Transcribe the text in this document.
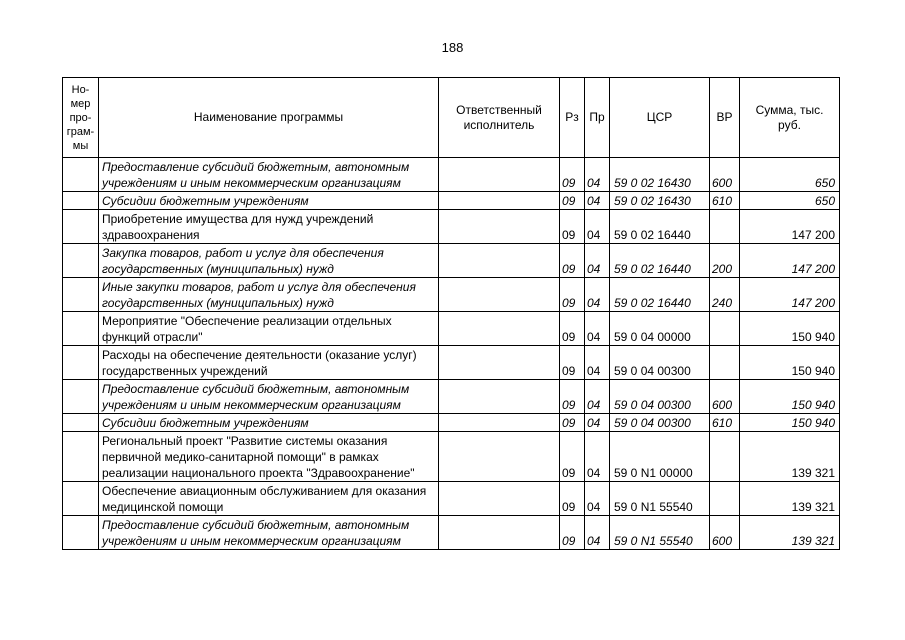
188
Но-
мер
про-
грам-
мы	Наименование программы	Ответственный исполнитель	Рз	Пр	ЦСР	ВР	Сумма, тыс. руб.
	Предоставление субсидий бюджетным, автономным учреждениям и иным некоммерческим организациям		09	04	59 0 02 16430	600	650
	Субсидии бюджетным учреждениям		09	04	59 0 02 16430	610	650
	Приобретение имущества для нужд учреждений здравоохранения		09	04	59 0 02 16440		147 200
	Закупка товаров, работ и услуг для обеспечения государственных (муниципальных) нужд		09	04	59 0 02 16440	200	147 200
	Иные закупки товаров, работ и услуг для обеспечения государственных (муниципальных) нужд		09	04	59 0 02 16440	240	147 200
	Мероприятие "Обеспечение реализации отдельных функций отрасли"		09	04	59 0 04 00000		150 940
	Расходы на обеспечение деятельности (оказание услуг) государственных учреждений		09	04	59 0 04 00300		150 940
	Предоставление субсидий бюджетным, автономным учреждениям и иным некоммерческим организациям		09	04	59 0 04 00300	600	150 940
	Субсидии бюджетным учреждениям		09	04	59 0 04 00300	610	150 940
	Региональный проект "Развитие системы оказания первичной медико-санитарной помощи" в рамках реализации национального проекта "Здравоохранение"		09	04	59 0 N1 00000		139 321
	Обеспечение авиационным обслуживанием для оказания медицинской помощи		09	04	59 0 N1 55540		139 321
	Предоставление субсидий бюджетным, автономным учреждениям и иным некоммерческим организациям		09	04	59 0 N1 55540	600	139 321
